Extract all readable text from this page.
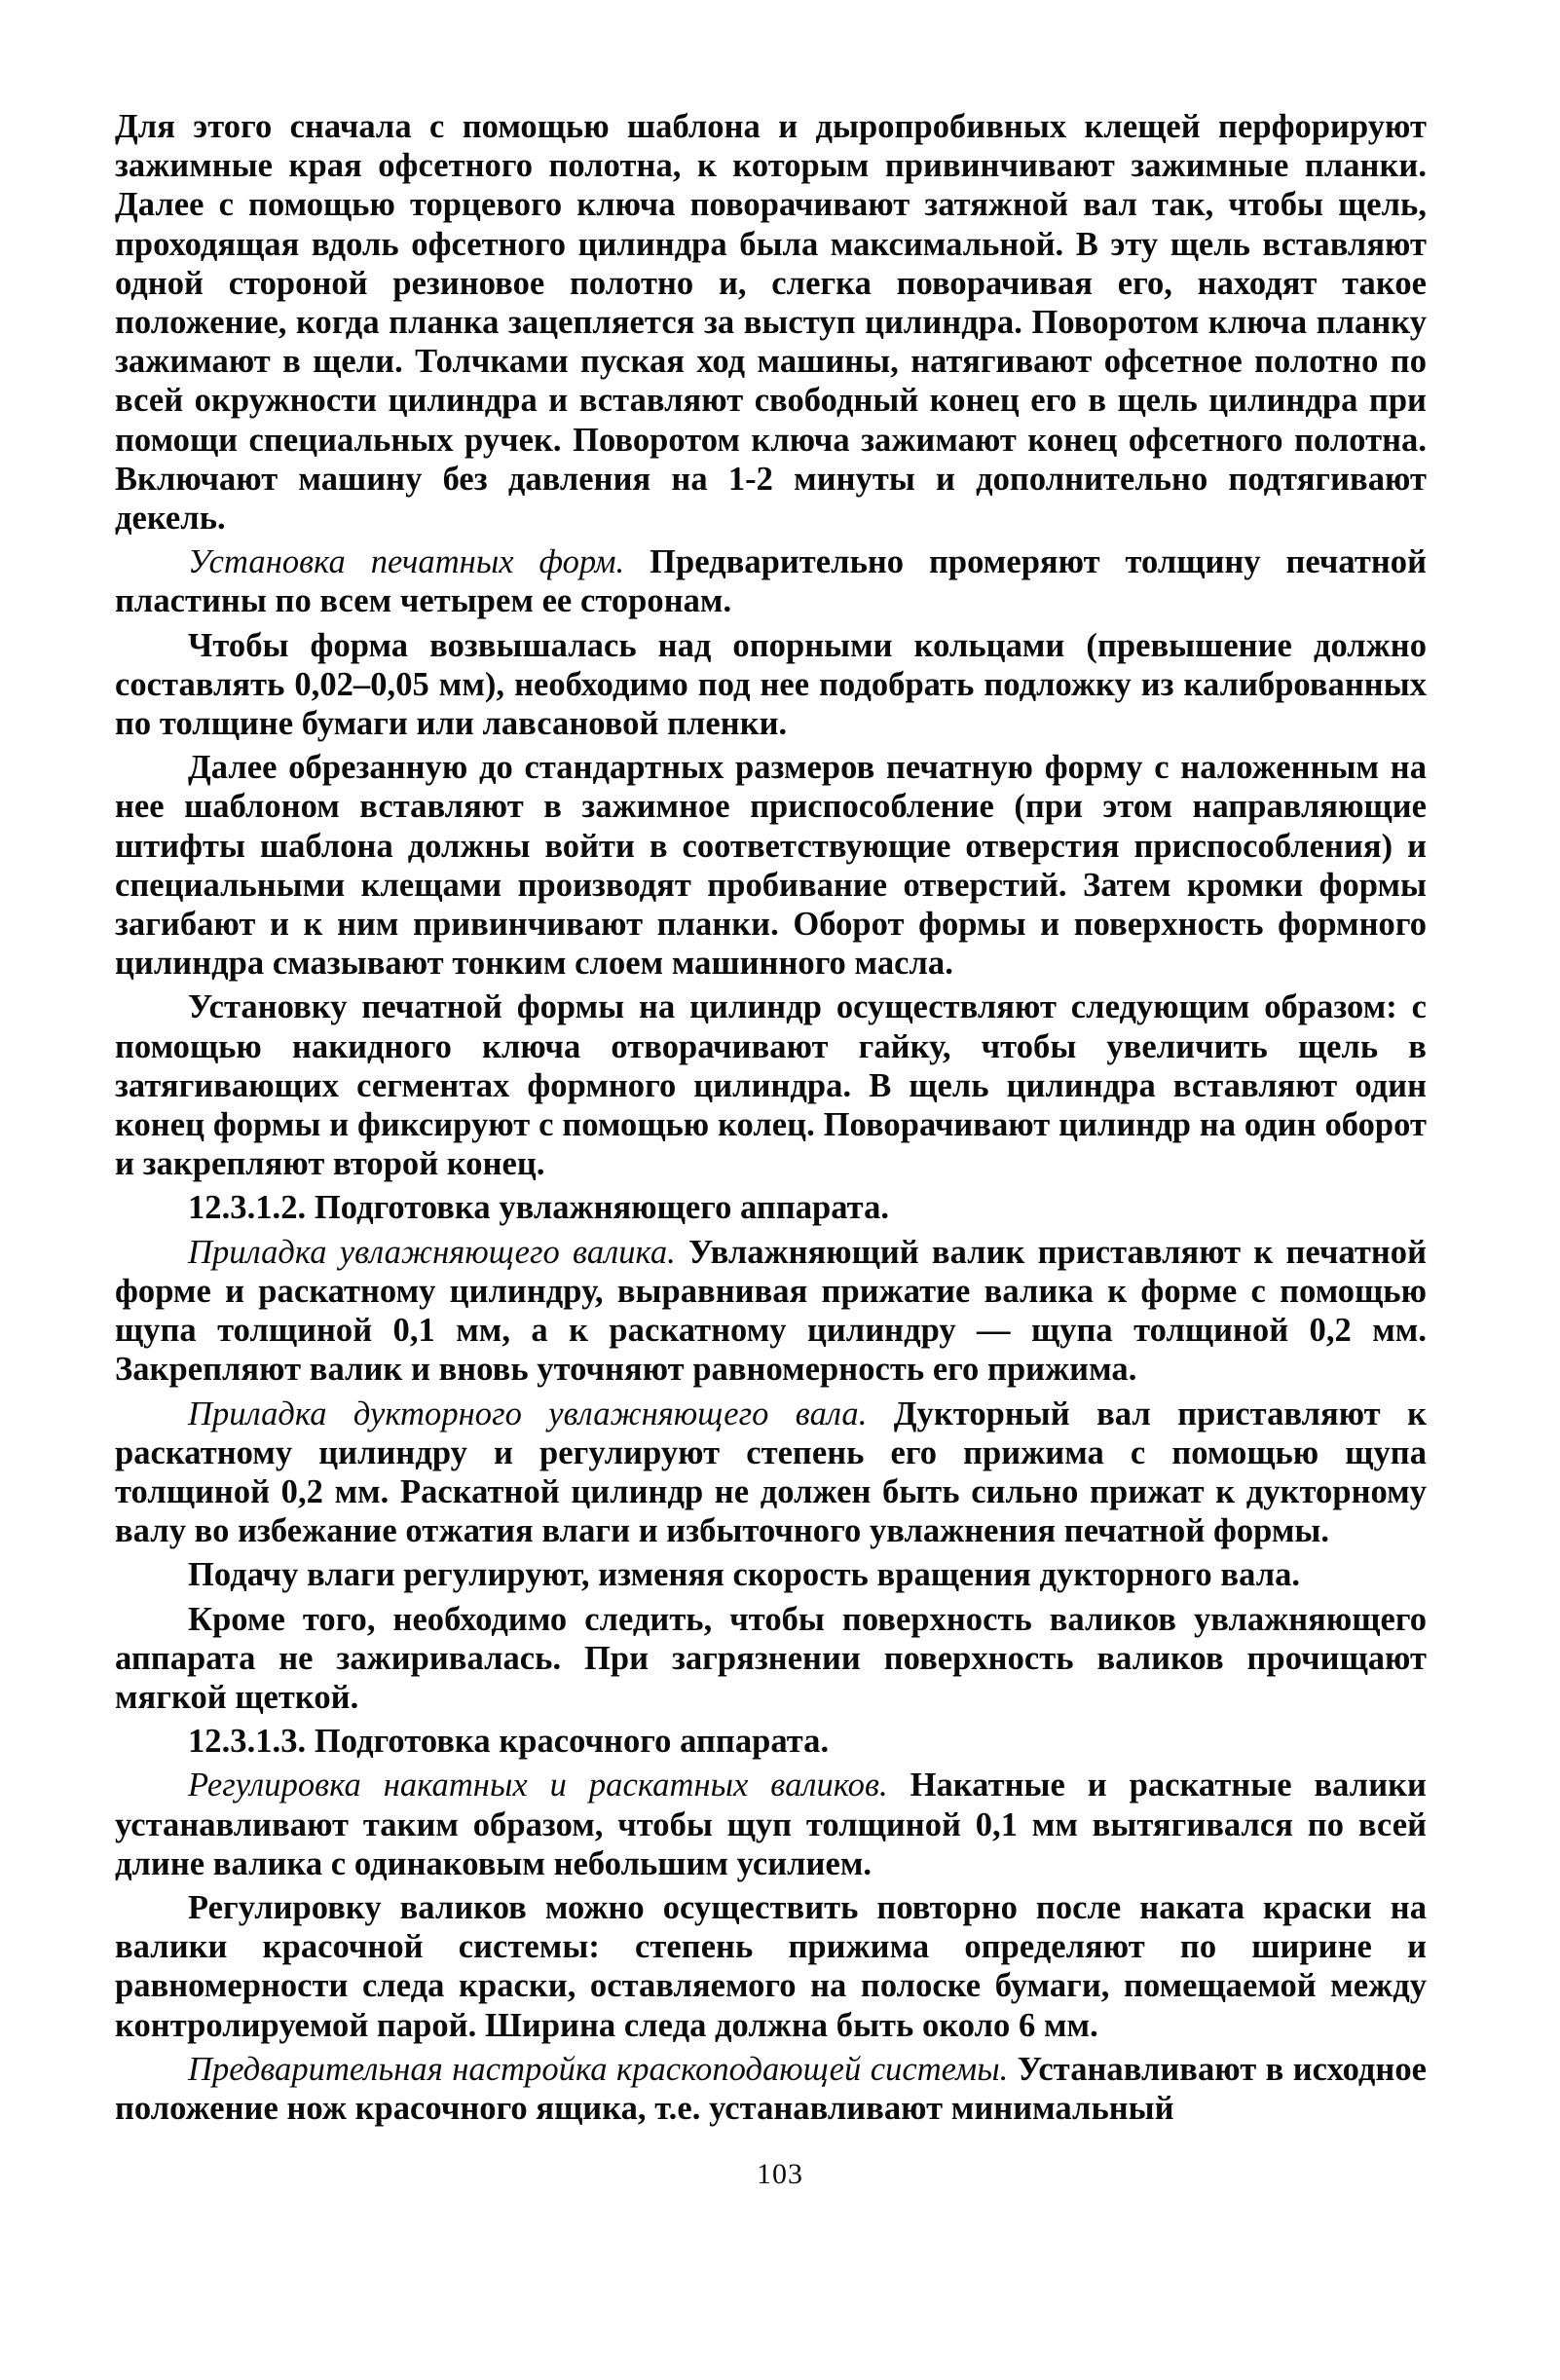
Для этого сначала с помощью шаблона и дыропробивных клещей перфорируют зажимные края офсетного полотна, к которым привинчивают зажимные планки. Далее с помощью торцевого ключа поворачивают затяжной вал так, чтобы щель, проходящая вдоль офсетного цилиндра была максимальной. В эту щель вставляют одной стороной резиновое полотно и, слегка поворачивая его, находят такое положение, когда планка зацепляется за выступ цилиндра. Поворотом ключа планку зажимают в щели. Толчками пуская ход машины, натягивают офсетное полотно по всей окружности цилиндра и вставляют свободный конец его в щель цилиндра при помощи специальных ручек. Поворотом ключа зажимают конец офсетного полотна. Включают машину без давления на 1-2 минуты и дополнительно подтягивают декель.

Установка печатных форм. Предварительно промеряют толщину печатной пластины по всем четырем ее сторонам.

Чтобы форма возвышалась над опорными кольцами (превышение должно составлять 0,02–0,05 мм), необходимо под нее подобрать подложку из калиброванных по толщине бумаги или лавсановой пленки.

Далее обрезанную до стандартных размеров печатную форму с наложенным на нее шаблоном вставляют в зажимное приспособление (при этом направляющие штифты шаблона должны войти в соответствующие отверстия приспособления) и специальными клещами производят пробивание отверстий. Затем кромки формы загибают и к ним привинчивают планки. Оборот формы и поверхность формного цилиндра смазывают тонким слоем машинного масла.

Установку печатной формы на цилиндр осуществляют следующим образом: с помощью накидного ключа отворачивают гайку, чтобы увеличить щель в затягивающих сегментах формного цилиндра. В щель цилиндра вставляют один конец формы и фиксируют с помощью колец. Поворачивают цилиндр на один оборот и закрепляют второй конец.

12.3.1.2. Подготовка увлажняющего аппарата.

Приладка увлажняющего валика. Увлажняющий валик приставляют к печатной форме и раскатному цилиндру, выравнивая прижатие валика к форме с помощью щупа толщиной 0,1 мм, а к раскатному цилиндру — щупа толщиной 0,2 мм. Закрепляют валик и вновь уточняют равномерность его прижима.

Приладка дукторного увлажняющего вала. Дукторный вал приставляют к раскатному цилиндру и регулируют степень его прижима с помощью щупа толщиной 0,2 мм. Раскатной цилиндр не должен быть сильно прижат к дукторному валу во избежание отжатия влаги и избыточного увлажнения печатной формы.

Подачу влаги регулируют, изменяя скорость вращения дукторного вала.

Кроме того, необходимо следить, чтобы поверхность валиков увлажняющего аппарата не зажиривалась. При загрязнении поверхность валиков прочищают мягкой щеткой.

12.3.1.3. Подготовка красочного аппарата.

Регулировка накатных и раскатных валиков. Накатные и раскатные валики устанавливают таким образом, чтобы щуп толщиной 0,1 мм вытягивался по всей длине валика с одинаковым небольшим усилием.

Регулировку валиков можно осуществить повторно после наката краски на валики красочной системы: степень прижима определяют по ширине и равномерности следа краски, оставляемого на полоске бумаги, помещаемой между контролируемой парой. Ширина следа должна быть около 6 мм.

Предварительная настройка краскоподающей системы. Устанавливают в исходное положение нож красочного ящика, т.е. устанавливают минимальный

103
